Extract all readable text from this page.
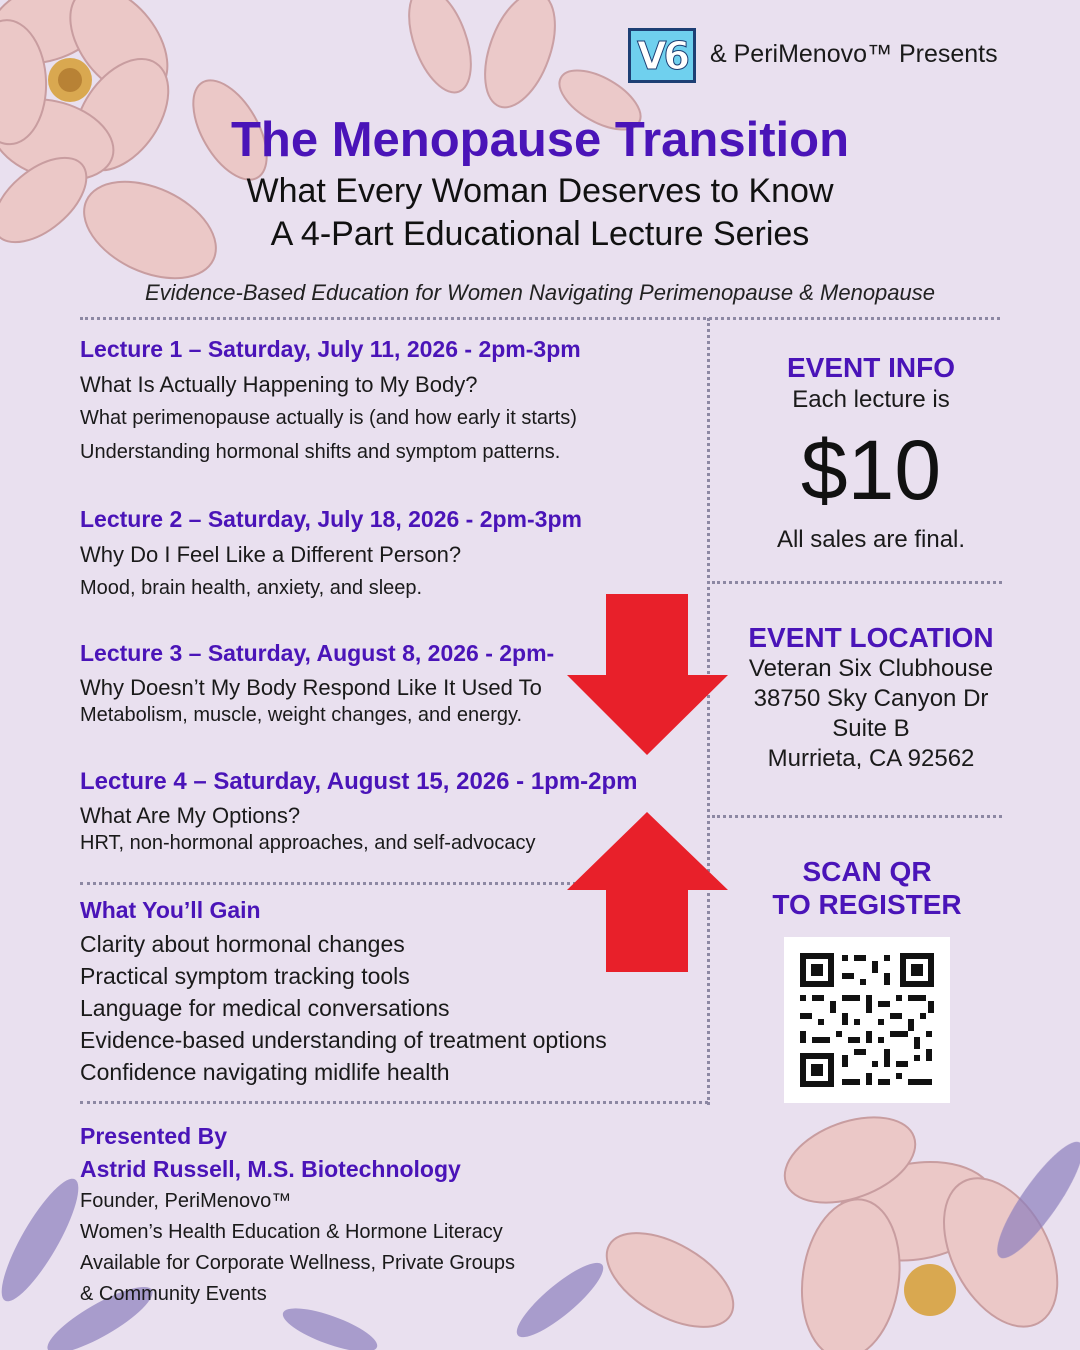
V6 & PeriMenovo™ Presents
The Menopause Transition
What Every Woman Deserves to Know
A 4-Part Educational Lecture Series
Evidence-Based Education for Women Navigating Perimenopause & Menopause
Lecture 1 – Saturday, July 11, 2026 - 2pm-3pm
What Is Actually Happening to My Body?
What perimenopause actually is (and how early it starts)
Understanding hormonal shifts and symptom patterns.
Lecture 2 – Saturday, July 18, 2026 - 2pm-3pm
Why Do I Feel Like a Different Person?
Mood, brain health, anxiety, and sleep.
Lecture 3 – Saturday, August 8, 2026 - 2pm-
Why Doesn’t My Body Respond Like It Used To
Metabolism, muscle, weight changes, and energy.
Lecture 4 – Saturday, August 15, 2026 - 1pm-2pm
What Are My Options?
HRT, non-hormonal approaches, and self-advocacy
What You’ll Gain
Clarity about hormonal changes
Practical symptom tracking tools
Language for medical conversations
Evidence-based understanding of treatment options
Confidence navigating midlife health
Presented By
Astrid Russell, M.S. Biotechnology
Founder, PeriMenovo™
Women’s Health Education & Hormone Literacy
Available for Corporate Wellness, Private Groups
& Community Events
EVENT INFO
Each lecture is
$10
All sales are final.
EVENT LOCATION
Veteran Six Clubhouse
38750 Sky Canyon Dr
Suite B
Murrieta, CA 92562
SCAN QR
TO REGISTER
